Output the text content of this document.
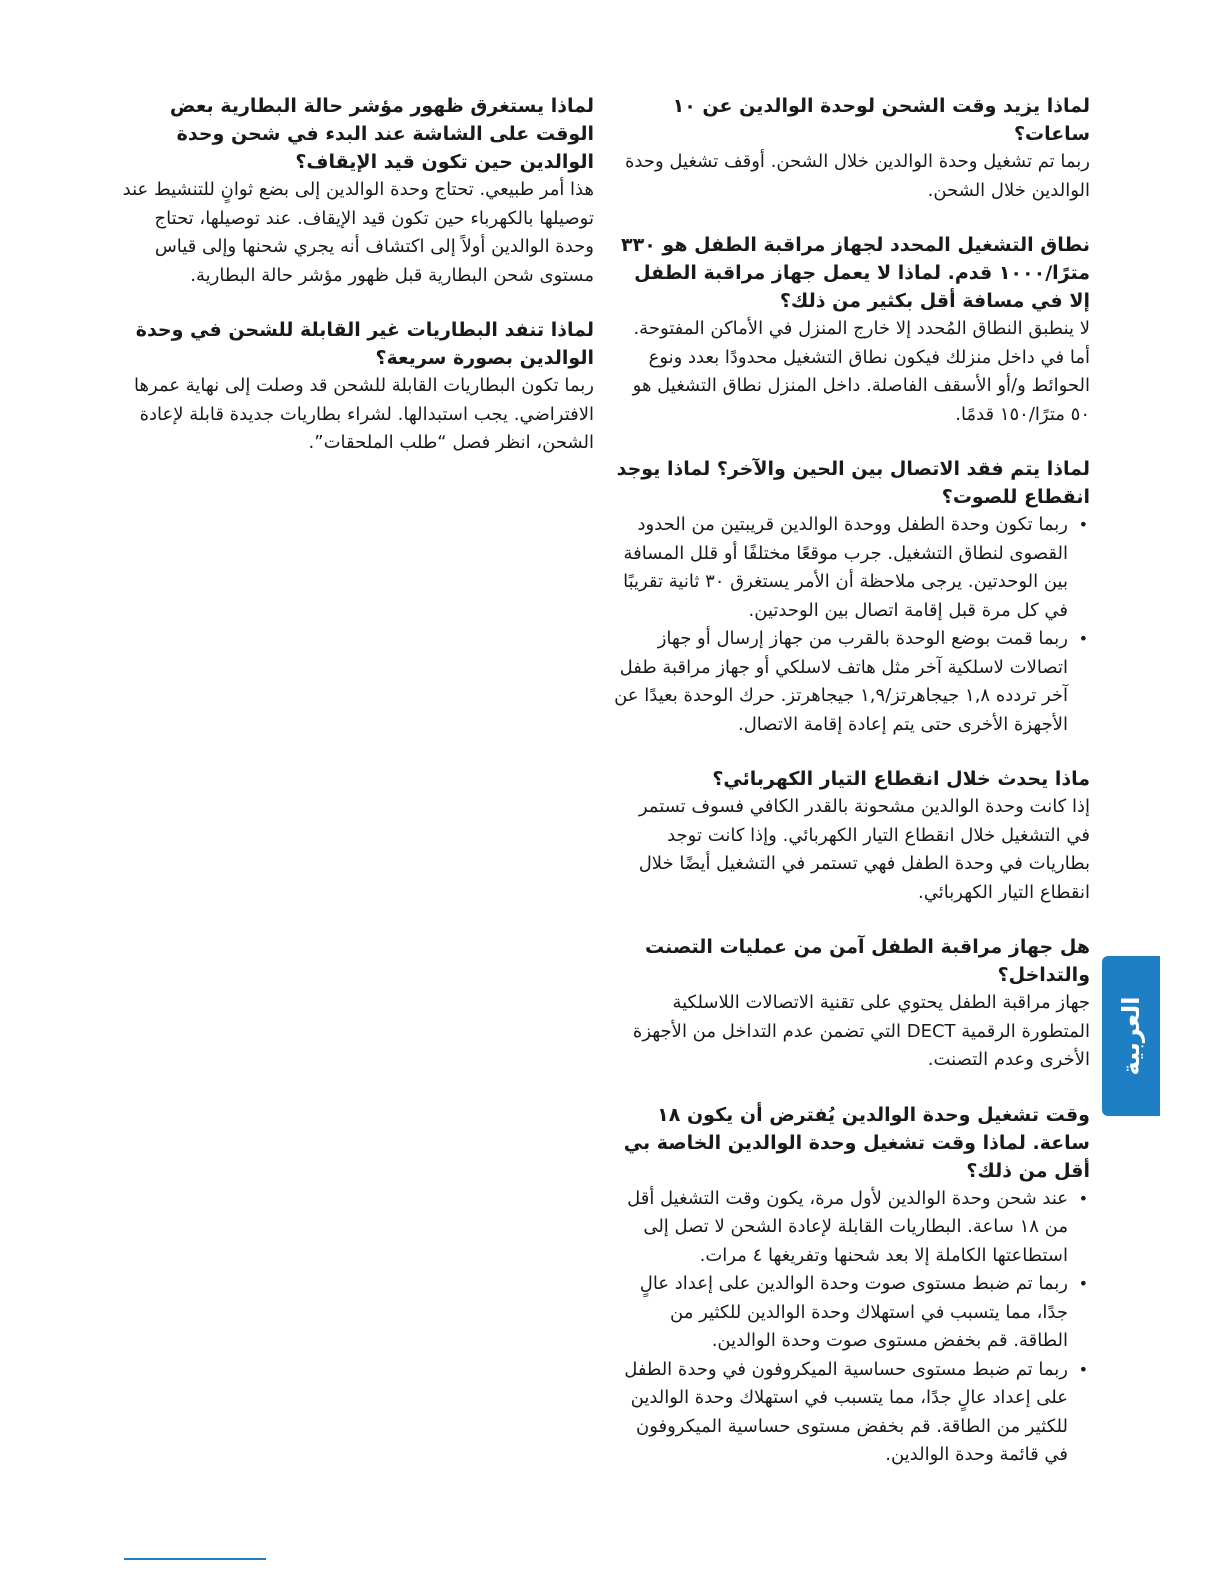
لماذا يزيد وقت الشحن لوحدة الوالدين عن ١٠ ساعات؟

ربما تم تشغيل وحدة الوالدين خلال الشحن. أوقف تشغيل وحدة الوالدين خلال الشحن.

نطاق التشغيل المحدد لجهاز مراقبة الطفل هو ٣٣٠ مترًا/١٠٠٠ قدم. لماذا لا يعمل جهاز مراقبة الطفل إلا في مسافة أقل بكثير من ذلك؟

لا ينطبق النطاق المُحدد إلا خارج المنزل في الأماكن المفتوحة. أما في داخل منزلك فيكون نطاق التشغيل محدودًا بعدد ونوع الحوائط و/أو الأسقف الفاصلة. داخل المنزل نطاق التشغيل هو ٥٠ مترًا/١٥٠ قدمًا.

لماذا يتم فقد الاتصال بين الحين والآخر؟ لماذا يوجد انقطاع للصوت؟

• ربما تكون وحدة الطفل ووحدة الوالدين قريبتين من الحدود القصوى لنطاق التشغيل. جرب موقعًا مختلفًا أو قلل المسافة بين الوحدتين. يرجى ملاحظة أن الأمر يستغرق ٣٠ ثانية تقريبًا في كل مرة قبل إقامة اتصال بين الوحدتين.
• ربما قمت بوضع الوحدة بالقرب من جهاز إرسال أو جهاز اتصالات لاسلكية آخر مثل هاتف لاسلكي أو جهاز مراقبة طفل آخر تردده ١,٨ جيجاهرتز/١,٩ جيجاهرتز. حرك الوحدة بعيدًا عن الأجهزة الأخرى حتى يتم إعادة إقامة الاتصال.

ماذا يحدث خلال انقطاع التيار الكهربائي؟

إذا كانت وحدة الوالدين مشحونة بالقدر الكافي فسوف تستمر في التشغيل خلال انقطاع التيار الكهربائي. وإذا كانت توجد بطاريات في وحدة الطفل فهي تستمر في التشغيل أيضًا خلال انقطاع التيار الكهربائي.

هل جهاز مراقبة الطفل آمن من عمليات التصنت والتداخل؟

جهاز مراقبة الطفل يحتوي على تقنية الاتصالات اللاسلكية المتطورة الرقمية DECT التي تضمن عدم التداخل من الأجهزة الأخرى وعدم التصنت.

وقت تشغيل وحدة الوالدين يُفترض أن يكون ١٨ ساعة. لماذا وقت تشغيل وحدة الوالدين الخاصة بي أقل من ذلك؟

• عند شحن وحدة الوالدين لأول مرة، يكون وقت التشغيل أقل من ١٨ ساعة. البطاريات القابلة لإعادة الشحن لا تصل إلى استطاعتها الكاملة إلا بعد شحنها وتفريغها ٤ مرات.
• ربما تم ضبط مستوى صوت وحدة الوالدين على إعداد عالٍ جدًا، مما يتسبب في استهلاك وحدة الوالدين للكثير من الطاقة. قم بخفض مستوى صوت وحدة الوالدين.
• ربما تم ضبط مستوى حساسية الميكروفون في وحدة الطفل على إعداد عالٍ جدًا، مما يتسبب في استهلاك وحدة الوالدين للكثير من الطاقة. قم بخفض مستوى حساسية الميكروفون في قائمة وحدة الوالدين.

لماذا يستغرق ظهور مؤشر حالة البطارية بعض الوقت على الشاشة عند البدء في شحن وحدة الوالدين حين تكون قيد الإيقاف؟

هذا أمر طبيعي. تحتاج وحدة الوالدين إلى بضع ثوانٍ للتنشيط عند توصيلها بالكهرباء حين تكون قيد الإيقاف. عند توصيلها، تحتاج وحدة الوالدين أولاً إلى اكتشاف أنه يجري شحنها وإلى قياس مستوى شحن البطارية قبل ظهور مؤشر حالة البطارية.

لماذا تنفد البطاريات غير القابلة للشحن في وحدة الوالدين بصورة سريعة؟

ربما تكون البطاريات القابلة للشحن قد وصلت إلى نهاية عمرها الافتراضي. يجب استبدالها. لشراء بطاريات جديدة قابلة لإعادة الشحن، انظر فصل “طلب الملحقات”.

العربية
